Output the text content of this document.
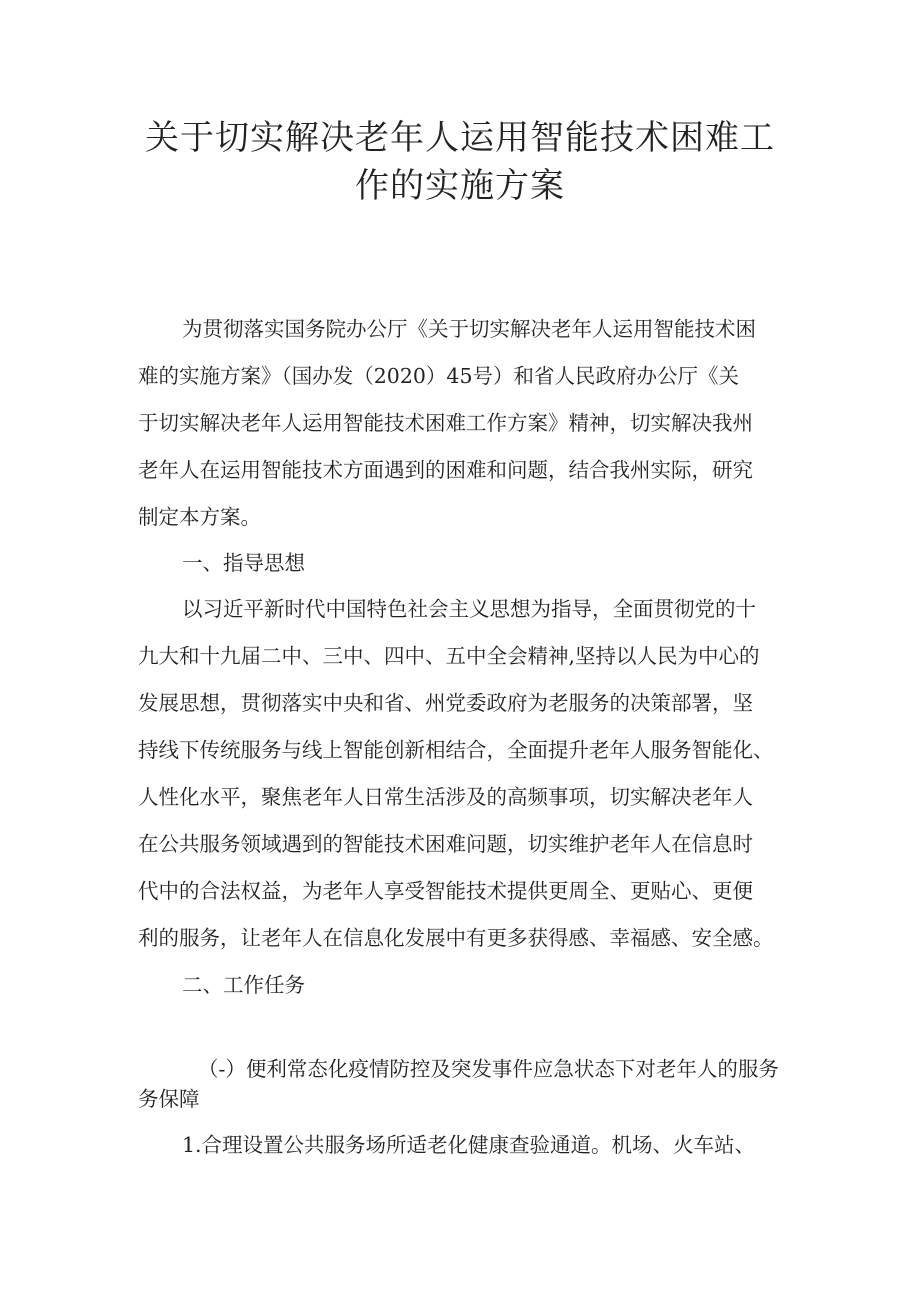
关于切实解决老年人运用智能技术困难工
作的实施方案
为贯彻落实国务院办公厅《关于切实解决老年人运用智能技术困
难的实施方案》（国办发（2020）45号）和省人民政府办公厅《关
于切实解决老年人运用智能技术困难工作方案》精神，切实解决我州
老年人在运用智能技术方面遇到的困难和问题，结合我州实际，研究
制定本方案。
一、指导思想
以习近平新时代中国特色社会主义思想为指导，全面贯彻党的十
九大和十九届二中、三中、四中、五中全会精神,坚持以人民为中心的
发展思想，贯彻落实中央和省、州党委政府为老服务的决策部署，坚
持线下传统服务与线上智能创新相结合，全面提升老年人服务智能化、
人性化水平，聚焦老年人日常生活涉及的高频事项，切实解决老年人
在公共服务领域遇到的智能技术困难问题，切实维护老年人在信息时
代中的合法权益，为老年人享受智能技术提供更周全、更贴心、更便
利的服务，让老年人在信息化发展中有更多获得感、幸福感、安全感。
二、工作任务
（-）便利常态化疫情防控及突发事件应急状态下对老年人的服务
务保障
1.合理设置公共服务场所适老化健康查验通道。机场、火车站、
